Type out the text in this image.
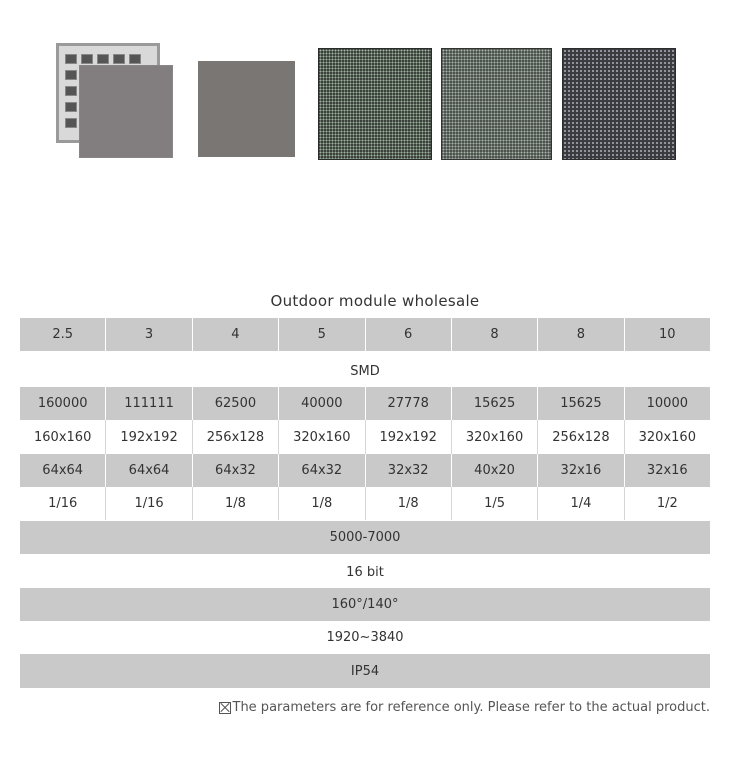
Outdoor module wholesale
2.5	3	4	5	6	8	8	10
SMD
160000	111111	62500	40000	27778	15625	15625	10000
160x160	192x192	256x128	320x160	192x192	320x160	256x128	320x160
64x64	64x64	64x32	64x32	32x32	40x20	32x16	32x16
1/16	1/16	1/8	1/8	1/8	1/5	1/4	1/2
5000-7000
16 bit
160°/140°
1920~3840
IP54
The parameters are for reference only. Please refer to the actual product.
